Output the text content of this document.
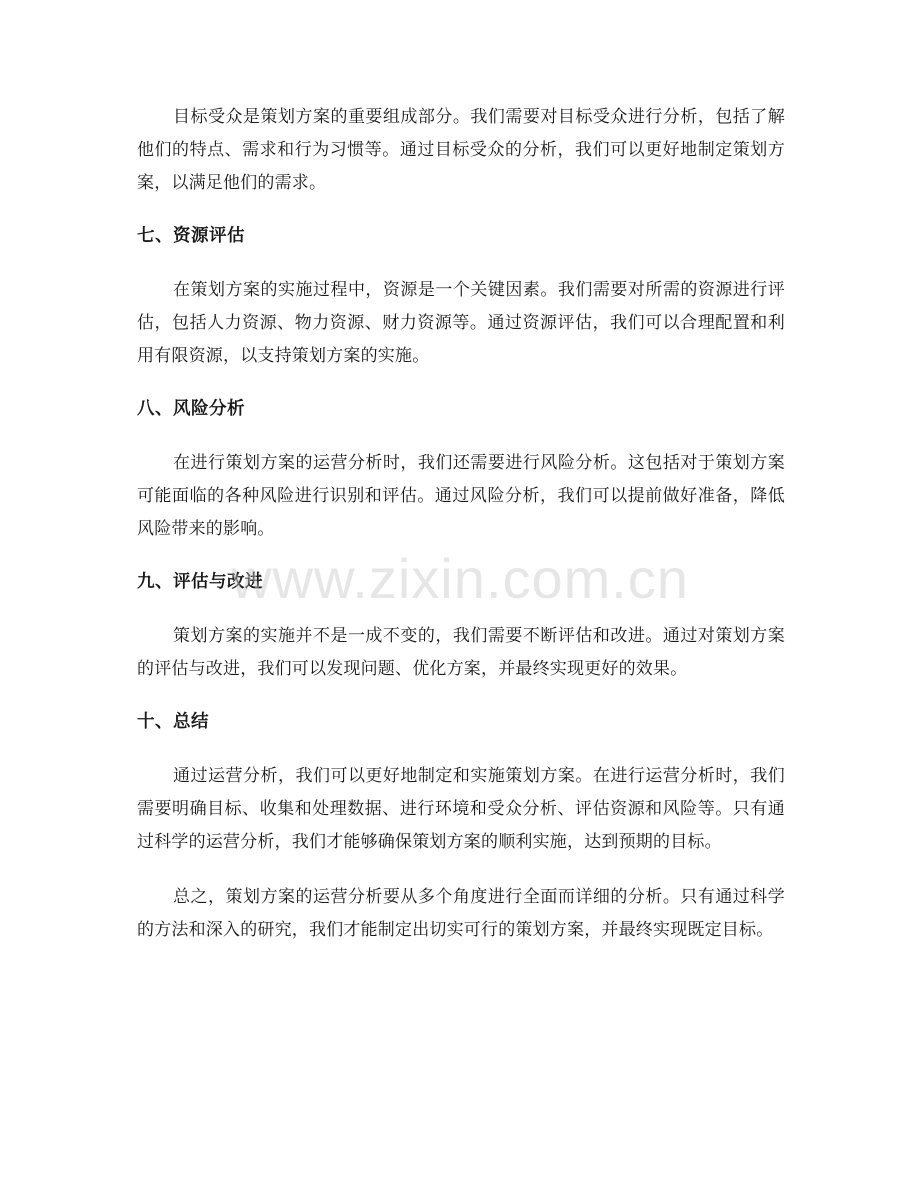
目标受众是策划方案的重要组成部分。我们需要对目标受众进行分析，包括了解他们的特点、需求和行为习惯等。通过目标受众的分析，我们可以更好地制定策划方案，以满足他们的需求。

七、资源评估

在策划方案的实施过程中，资源是一个关键因素。我们需要对所需的资源进行评估，包括人力资源、物力资源、财力资源等。通过资源评估，我们可以合理配置和利用有限资源，以支持策划方案的实施。

八、风险分析

在进行策划方案的运营分析时，我们还需要进行风险分析。这包括对于策划方案可能面临的各种风险进行识别和评估。通过风险分析，我们可以提前做好准备，降低风险带来的影响。

九、评估与改进

策划方案的实施并不是一成不变的，我们需要不断评估和改进。通过对策划方案的评估与改进，我们可以发现问题、优化方案，并最终实现更好的效果。

十、总结

通过运营分析，我们可以更好地制定和实施策划方案。在进行运营分析时，我们需要明确目标、收集和处理数据、进行环境和受众分析、评估资源和风险等。只有通过科学的运营分析，我们才能够确保策划方案的顺利实施，达到预期的目标。

总之，策划方案的运营分析要从多个角度进行全面而详细的分析。只有通过科学的方法和深入的研究，我们才能制定出切实可行的策划方案，并最终实现既定目标。

www.zixin.com.cn
